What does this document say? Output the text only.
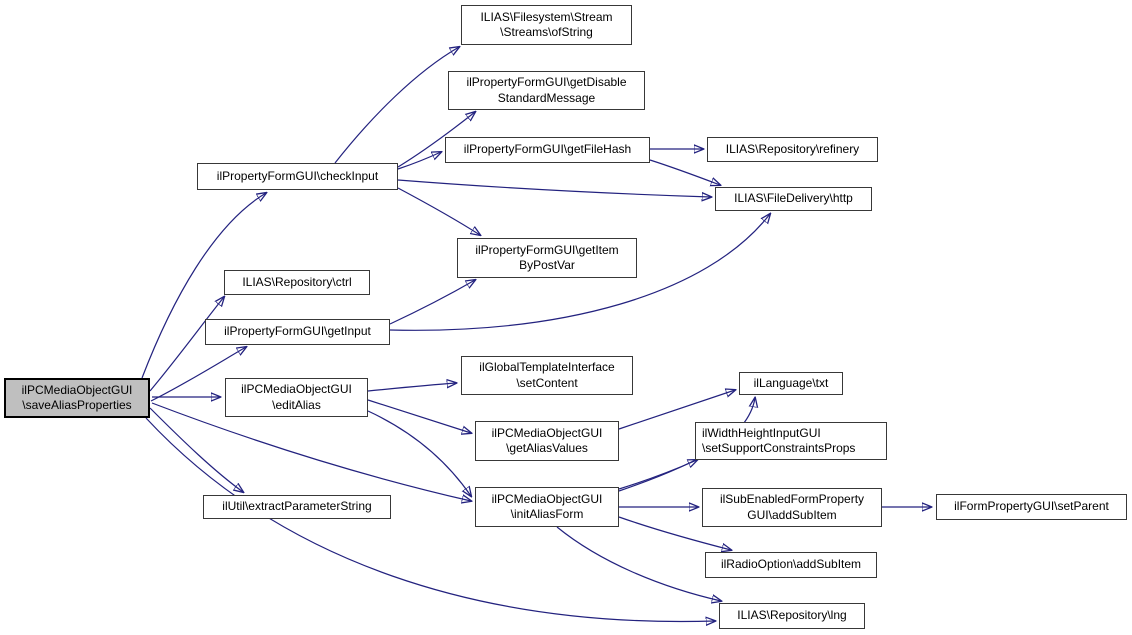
ilPCMediaObjectGUI
\saveAliasProperties
ilPropertyFormGUI\checkInput
ILIAS\Filesystem\Stream
\Streams\ofString
ilPropertyFormGUI\getDisable
StandardMessage
ilPropertyFormGUI\getFileHash	ILIAS\Repository\refinery
ILIAS\FileDelivery\http
ilPropertyFormGUI\getItem
ByPostVar
ILIAS\Repository\ctrl
ilPropertyFormGUI\getInput
ilPCMediaObjectGUI
\editAlias
ilGlobalTemplateInterface
\setContent
ilPCMediaObjectGUI
\getAliasValues
ilPCMediaObjectGUI
\initAliasForm
ilUtil\extractParameterString
ilLanguage\txt
ilWidthHeightInputGUI
\setSupportConstraintsProps
ilSubEnabledFormProperty
GUI\addSubItem
ilRadioOption\addSubItem
ILIAS\Repository\lng
ilFormPropertyGUI\setParent
